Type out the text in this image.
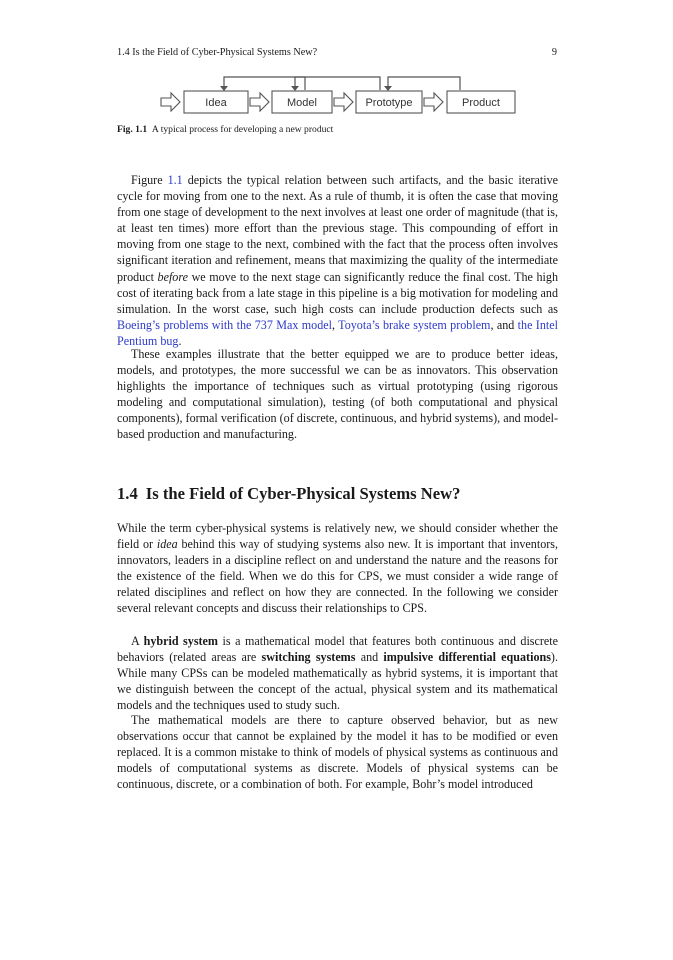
1.4 Is the Field of Cyber-Physical Systems New?	9
Idea	Model	Prototype	Product
Fig. 1.1 A typical process for developing a new product

Figure 1.1 depicts the typical relation between such artifacts, and the basic iterative cycle for moving from one to the next. As a rule of thumb, it is often the case that moving from one stage of development to the next involves at least one order of magnitude (that is, at least ten times) more effort than the previous stage. This compounding of effort in moving from one stage to the next, combined with the fact that the process often involves significant iteration and refinement, means that maximizing the quality of the intermediate product before we move to the next stage can significantly reduce the final cost. The high cost of iterating back from a late stage in this pipeline is a big motivation for modeling and simulation. In the worst case, such high costs can include production defects such as Boeing’s problems with the 737 Max model, Toyota’s brake system problem, and the Intel Pentium bug.

These examples illustrate that the better equipped we are to produce better ideas, models, and prototypes, the more successful we can be as innovators. This observation highlights the importance of techniques such as virtual prototyping (using rigorous modeling and computational simulation), testing (of both computational and physical components), formal verification (of discrete, continuous, and hybrid systems), and model-based production and manufacturing.

1.4 Is the Field of Cyber-Physical Systems New?

While the term cyber-physical systems is relatively new, we should consider whether the field or idea behind this way of studying systems also new. It is important that inventors, innovators, leaders in a discipline reflect on and understand the nature and the reasons for the existence of the field. When we do this for CPS, we must consider a wide range of related disciplines and reflect on how they are connected. In the following we consider several relevant concepts and discuss their relationships to CPS.

A hybrid system is a mathematical model that features both continuous and discrete behaviors (related areas are switching systems and impulsive differential equations). While many CPSs can be modeled mathematically as hybrid systems, it is important that we distinguish between the concept of the actual, physical system and its mathematical models and the techniques used to study such.

The mathematical models are there to capture observed behavior, but as new observations occur that cannot be explained by the model it has to be modified or even replaced. It is a common mistake to think of models of physical systems as continuous and models of computational systems as discrete. Models of physical systems can be continuous, discrete, or a combination of both. For example, Bohr’s model introduced
